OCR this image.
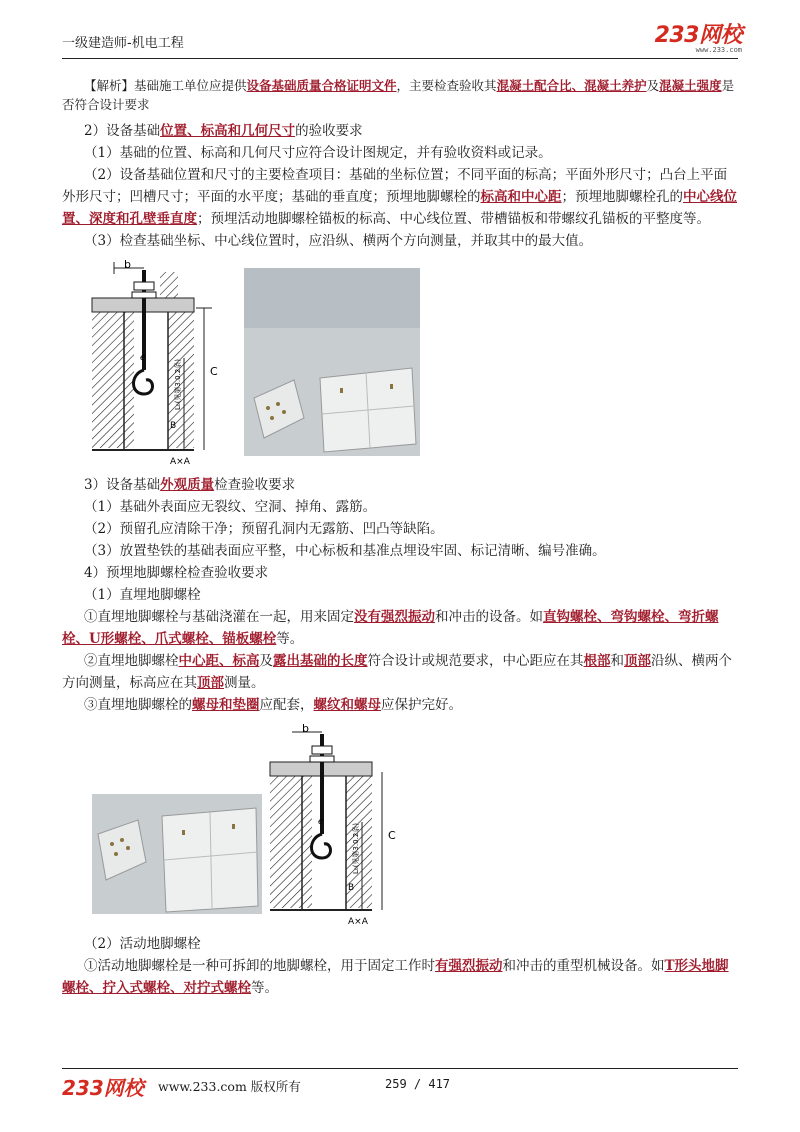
一级建造师-机电工程	233网校
www.233.com

【解析】基础施工单位应提供设备基础质量合格证明文件，主要检查验收其混凝土配合比、混凝土养护及混凝土强度是否符合设计要求

2）设备基础位置、标高和几何尺寸的验收要求

（1）基础的位置、标高和几何尺寸应符合设计图规定，并有验收资料或记录。

（2）设备基础位置和尺寸的主要检查项目：基础的坐标位置；不同平面的标高；平面外形尺寸；凸台上平面外形尺寸；凹槽尺寸；平面的水平度；基础的垂直度；预埋地脚螺栓的标高和中心距；预埋地脚螺栓孔的中心线位置、深度和孔壁垂直度；预埋活动地脚螺栓锚板的标高、中心线位置、带槽锚板和带螺纹孔锚板的平整度等。

（3）检查基础坐标、中心线位置时，应沿纵、横两个方向测量，并取其中的最大值。

b
C
L₀(见第3.0.2条)
B
e
A×A

3）设备基础外观质量检查验收要求

（1）基础外表面应无裂纹、空洞、掉角、露筋。

（2）预留孔应清除干净；预留孔洞内无露筋、凹凸等缺陷。

（3）放置垫铁的基础表面应平整，中心标板和基准点埋设牢固、标记清晰、编号准确。

4）预埋地脚螺栓检查验收要求

（1）直埋地脚螺栓

①直埋地脚螺栓与基础浇灌在一起，用来固定没有强烈振动和冲击的设备。如直钩螺栓、弯钩螺栓、弯折螺栓、U形螺栓、爪式螺栓、锚板螺栓等。

②直埋地脚螺栓中心距、标高及露出基础的长度符合设计或规范要求，中心距应在其根部和顶部沿纵、横两个方向测量，标高应在其顶部测量。

③直埋地脚螺栓的螺母和垫圈应配套，螺纹和螺母应保护完好。

b
C
L₀(见第3.0.2条)
B
e
A×A

（2）活动地脚螺栓

①活动地脚螺栓是一种可拆卸的地脚螺栓，用于固定工作时有强烈振动和冲击的重型机械设备。如T形头地脚螺栓、拧入式螺栓、对拧式螺栓等。

233网校 www.233.com 版权所有	259 / 417
